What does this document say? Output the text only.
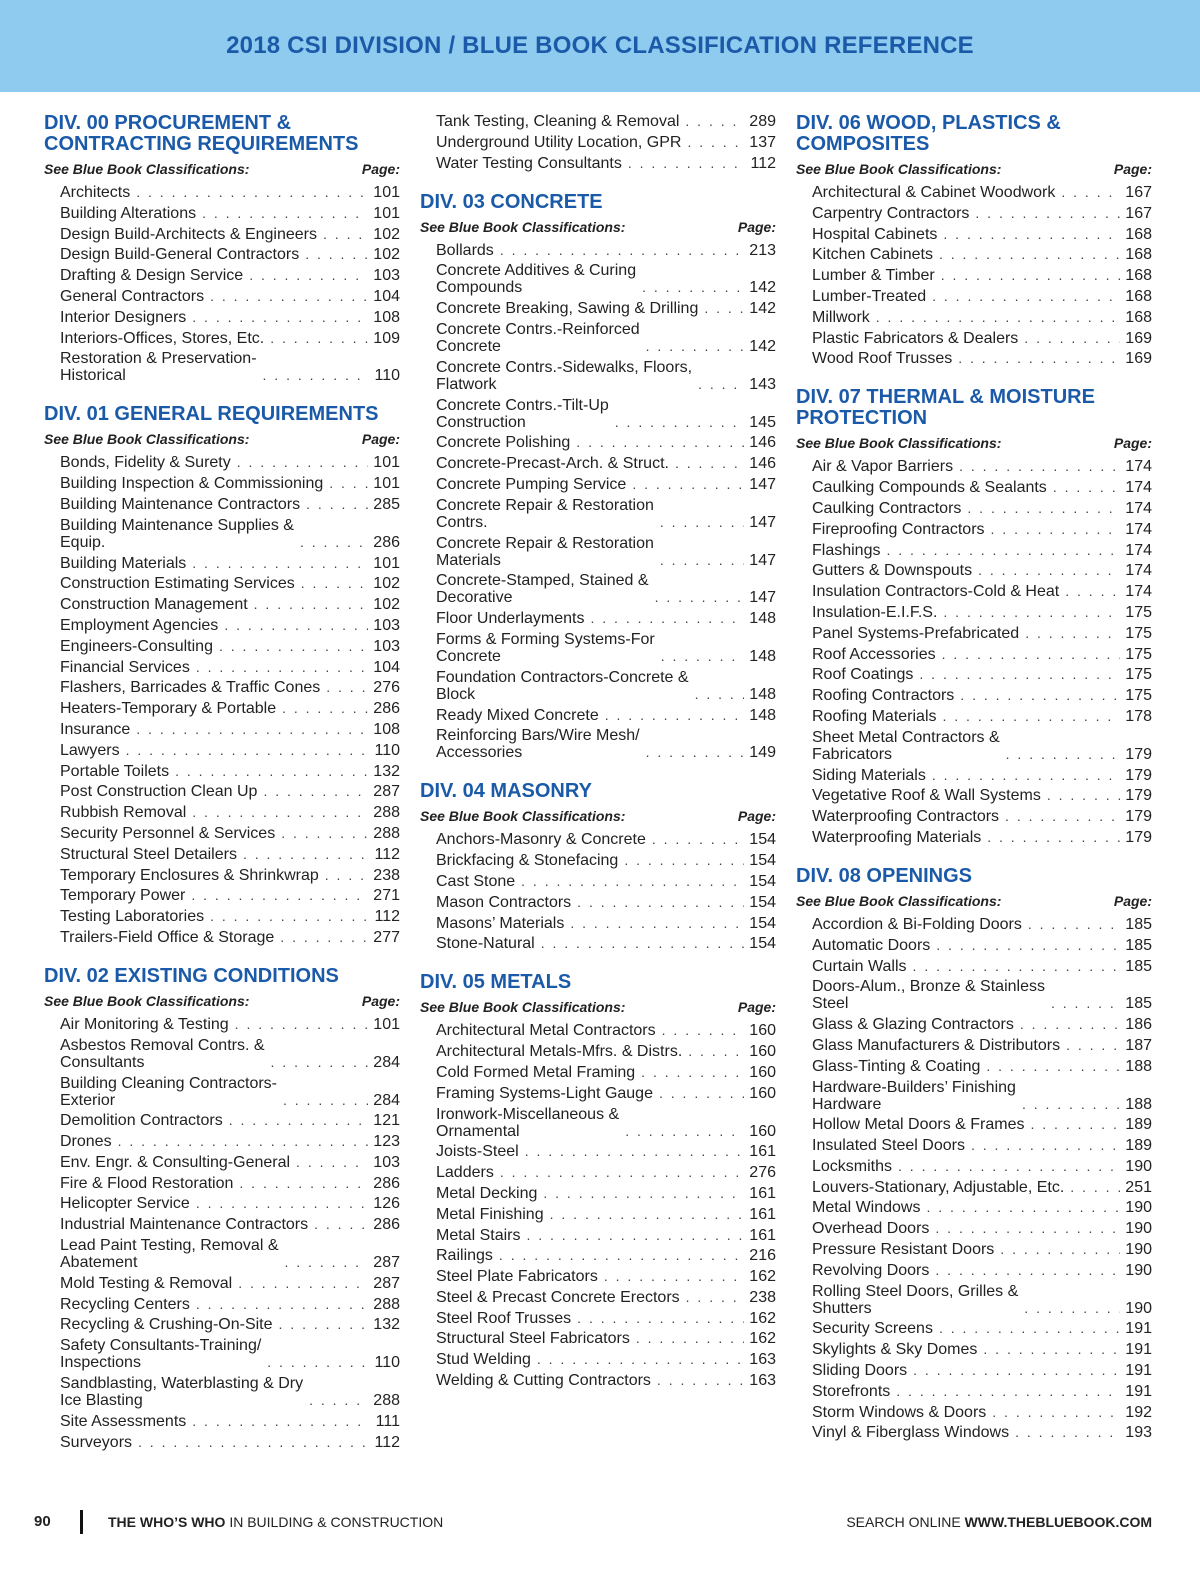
2018 CSI DIVISION / BLUE BOOK CLASSIFICATION REFERENCE
DIV. 00 PROCUREMENT &
CONTRACTING REQUIREMENTS
See Blue Book Classifications:	Page:
Architects . . .	101
Building Alterations . . .	101
Design Build-Architects & Engineers . . .	102
Design Build-General Contractors . . .	102
Drafting & Design Service . . .	103
General Contractors . . .	104
Interior Designers . . .	108
Interiors-Offices, Stores, Etc. . . .	109
Restoration & Preservation-
Historical . . .	110
DIV. 01 GENERAL REQUIREMENTS
See Blue Book Classifications:	Page:
Bonds, Fidelity & Surety . . .	101
Building Inspection & Commissioning . . .	101
Building Maintenance Contractors . . .	285
Building Maintenance Supplies &
Equip. . . .	286
Building Materials . . .	101
Construction Estimating Services . . .	102
Construction Management . . .	102
Employment Agencies . . .	103
Engineers-Consulting . . .	103
Financial Services . . .	104
Flashers, Barricades & Traffic Cones . . .	276
Heaters-Temporary & Portable . . .	286
Insurance . . .	108
Lawyers . . .	110
Portable Toilets . . .	132
Post Construction Clean Up . . .	287
Rubbish Removal . . .	288
Security Personnel & Services . . .	288
Structural Steel Detailers . . .	112
Temporary Enclosures & Shrinkwrap . . .	238
Temporary Power . . .	271
Testing Laboratories . . .	112
Trailers-Field Office & Storage . . .	277
DIV. 02 EXISTING CONDITIONS
See Blue Book Classifications:	Page:
Air Monitoring & Testing . . .	101
Asbestos Removal Contrs. &
Consultants . . .	284
Building Cleaning Contractors-
Exterior . . .	284
Demolition Contractors . . .	121
Drones . . .	123
Env. Engr. & Consulting-General . . .	103
Fire & Flood Restoration . . .	286
Helicopter Service . . .	126
Industrial Maintenance Contractors . . .	286
Lead Paint Testing, Removal &
Abatement . . .	287
Mold Testing & Removal . . .	287
Recycling Centers . . .	288
Recycling & Crushing-On-Site . . .	132
Safety Consultants-Training/
Inspections . . .	110
Sandblasting, Waterblasting & Dry
Ice Blasting . . .	288
Site Assessments . . .	111
Surveyors . . .	112
Tank Testing, Cleaning & Removal . . .	289
Underground Utility Location, GPR . . .	137
Water Testing Consultants . . .	112
DIV. 03 CONCRETE
See Blue Book Classifications:	Page:
Bollards . . .	213
Concrete Additives & Curing
Compounds . . .	142
Concrete Breaking, Sawing & Drilling . . .	142
Concrete Contrs.-Reinforced
Concrete . . .	142
Concrete Contrs.-Sidewalks, Floors,
Flatwork . . .	143
Concrete Contrs.-Tilt-Up
Construction . . .	145
Concrete Polishing . . .	146
Concrete-Precast-Arch. & Struct. . . .	146
Concrete Pumping Service . . .	147
Concrete Repair & Restoration
Contrs. . . .	147
Concrete Repair & Restoration
Materials . . .	147
Concrete-Stamped, Stained &
Decorative . . .	147
Floor Underlayments . . .	148
Forms & Forming Systems-For
Concrete . . .	148
Foundation Contractors-Concrete &
Block . . .	148
Ready Mixed Concrete . . .	148
Reinforcing Bars/Wire Mesh/
Accessories . . .	149
DIV. 04 MASONRY
See Blue Book Classifications:	Page:
Anchors-Masonry & Concrete . . .	154
Brickfacing & Stonefacing . . .	154
Cast Stone . . .	154
Mason Contractors . . .	154
Masons’ Materials . . .	154
Stone-Natural . . .	154
DIV. 05 METALS
See Blue Book Classifications:	Page:
Architectural Metal Contractors . . .	160
Architectural Metals-Mfrs. & Distrs. . . .	160
Cold Formed Metal Framing . . .	160
Framing Systems-Light Gauge . . .	160
Ironwork-Miscellaneous &
Ornamental . . .	160
Joists-Steel . . .	161
Ladders . . .	276
Metal Decking . . .	161
Metal Finishing . . .	161
Metal Stairs . . .	161
Railings . . .	216
Steel Plate Fabricators . . .	162
Steel & Precast Concrete Erectors . . .	238
Steel Roof Trusses . . .	162
Structural Steel Fabricators . . .	162
Stud Welding . . .	163
Welding & Cutting Contractors . . .	163
DIV. 06 WOOD, PLASTICS &
COMPOSITES
See Blue Book Classifications:	Page:
Architectural & Cabinet Woodwork . . .	167
Carpentry Contractors . . .	167
Hospital Cabinets . . .	168
Kitchen Cabinets . . .	168
Lumber & Timber . . .	168
Lumber-Treated . . .	168
Millwork . . .	168
Plastic Fabricators & Dealers . . .	169
Wood Roof Trusses . . .	169
DIV. 07 THERMAL & MOISTURE
PROTECTION
See Blue Book Classifications:	Page:
Air & Vapor Barriers . . .	174
Caulking Compounds & Sealants . . .	174
Caulking Contractors . . .	174
Fireproofing Contractors . . .	174
Flashings . . .	174
Gutters & Downspouts . . .	174
Insulation Contractors-Cold & Heat . . .	174
Insulation-E.I.F.S. . . .	175
Panel Systems-Prefabricated . . .	175
Roof Accessories . . .	175
Roof Coatings . . .	175
Roofing Contractors . . .	175
Roofing Materials . . .	178
Sheet Metal Contractors &
Fabricators . . .	179
Siding Materials . . .	179
Vegetative Roof & Wall Systems . . .	179
Waterproofing Contractors . . .	179
Waterproofing Materials . . .	179
DIV. 08 OPENINGS
See Blue Book Classifications:	Page:
Accordion & Bi-Folding Doors . . .	185
Automatic Doors . . .	185
Curtain Walls . . .	185
Doors-Alum., Bronze & Stainless
Steel . . .	185
Glass & Glazing Contractors . . .	186
Glass Manufacturers & Distributors . . .	187
Glass-Tinting & Coating . . .	188
Hardware-Builders’ Finishing
Hardware . . .	188
Hollow Metal Doors & Frames . . .	189
Insulated Steel Doors . . .	189
Locksmiths . . .	190
Louvers-Stationary, Adjustable, Etc. . . .	251
Metal Windows . . .	190
Overhead Doors . . .	190
Pressure Resistant Doors . . .	190
Revolving Doors . . .	190
Rolling Steel Doors, Grilles &
Shutters . . .	190
Security Screens . . .	191
Skylights & Sky Domes . . .	191
Sliding Doors . . .	191
Storefronts . . .	191
Storm Windows & Doors . . .	192
Vinyl & Fiberglass Windows . . .	193
90	THE WHO’S WHO IN BUILDING & CONSTRUCTION	SEARCH ONLINE WWW.THEBLUEBOOK.COM
